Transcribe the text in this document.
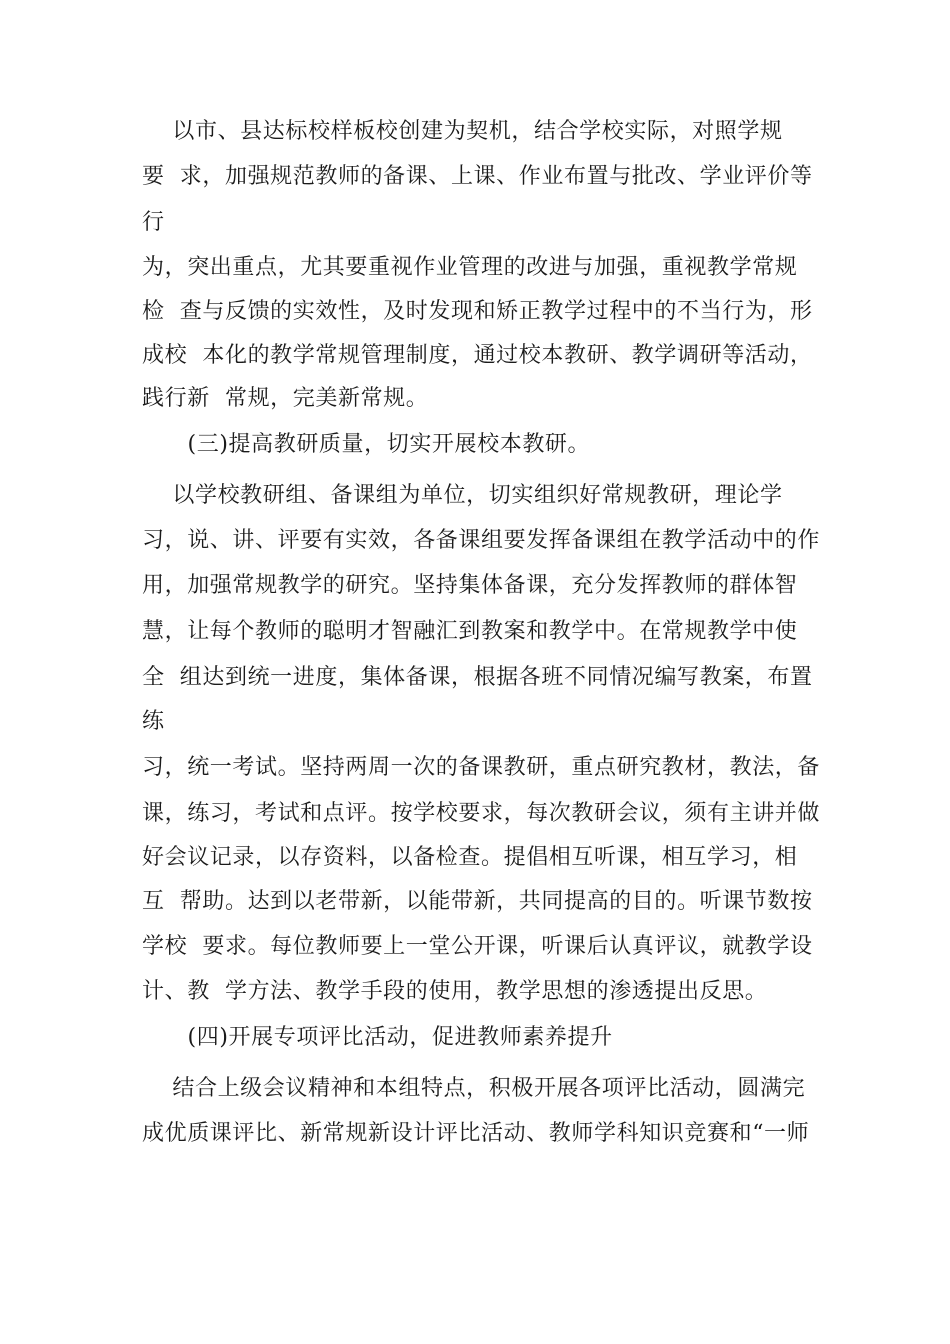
以市、县达标校样板校创建为契机，结合学校实际，对照学规
要  求，加强规范教师的备课、上课、作业布置与批改、学业评价等
行
为，突出重点，尤其要重视作业管理的改进与加强，重视教学常规
检  查与反馈的实效性，及时发现和矫正教学过程中的不当行为，形
成校  本化的教学常规管理制度，通过校本教研、教学调研等活动，
践行新  常规，完美新常规。
(三)提高教研质量，切实开展校本教研。
以学校教研组、备课组为单位，切实组织好常规教研，理论学
习，说、讲、评要有实效，各备课组要发挥备课组在教学活动中的作
用，加强常规教学的研究。坚持集体备课，充分发挥教师的群体智
慧，让每个教师的聪明才智融汇到教案和教学中。在常规教学中使
全  组达到统一进度，集体备课，根据各班不同情况编写教案，布置
练
习，统一考试。坚持两周一次的备课教研，重点研究教材，教法，备
课，练习，考试和点评。按学校要求，每次教研会议，须有主讲并做
好会议记录，以存资料，以备检查。提倡相互听课，相互学习，相
互  帮助。达到以老带新，以能带新，共同提高的目的。听课节数按
学校  要求。每位教师要上一堂公开课，听课后认真评议，就教学设
计、教  学方法、教学手段的使用，教学思想的渗透提出反思。
(四)开展专项评比活动，促进教师素养提升
结合上级会议精神和本组特点，积极开展各项评比活动，圆满完
成优质课评比、新常规新设计评比活动、教师学科知识竞赛和“一师
